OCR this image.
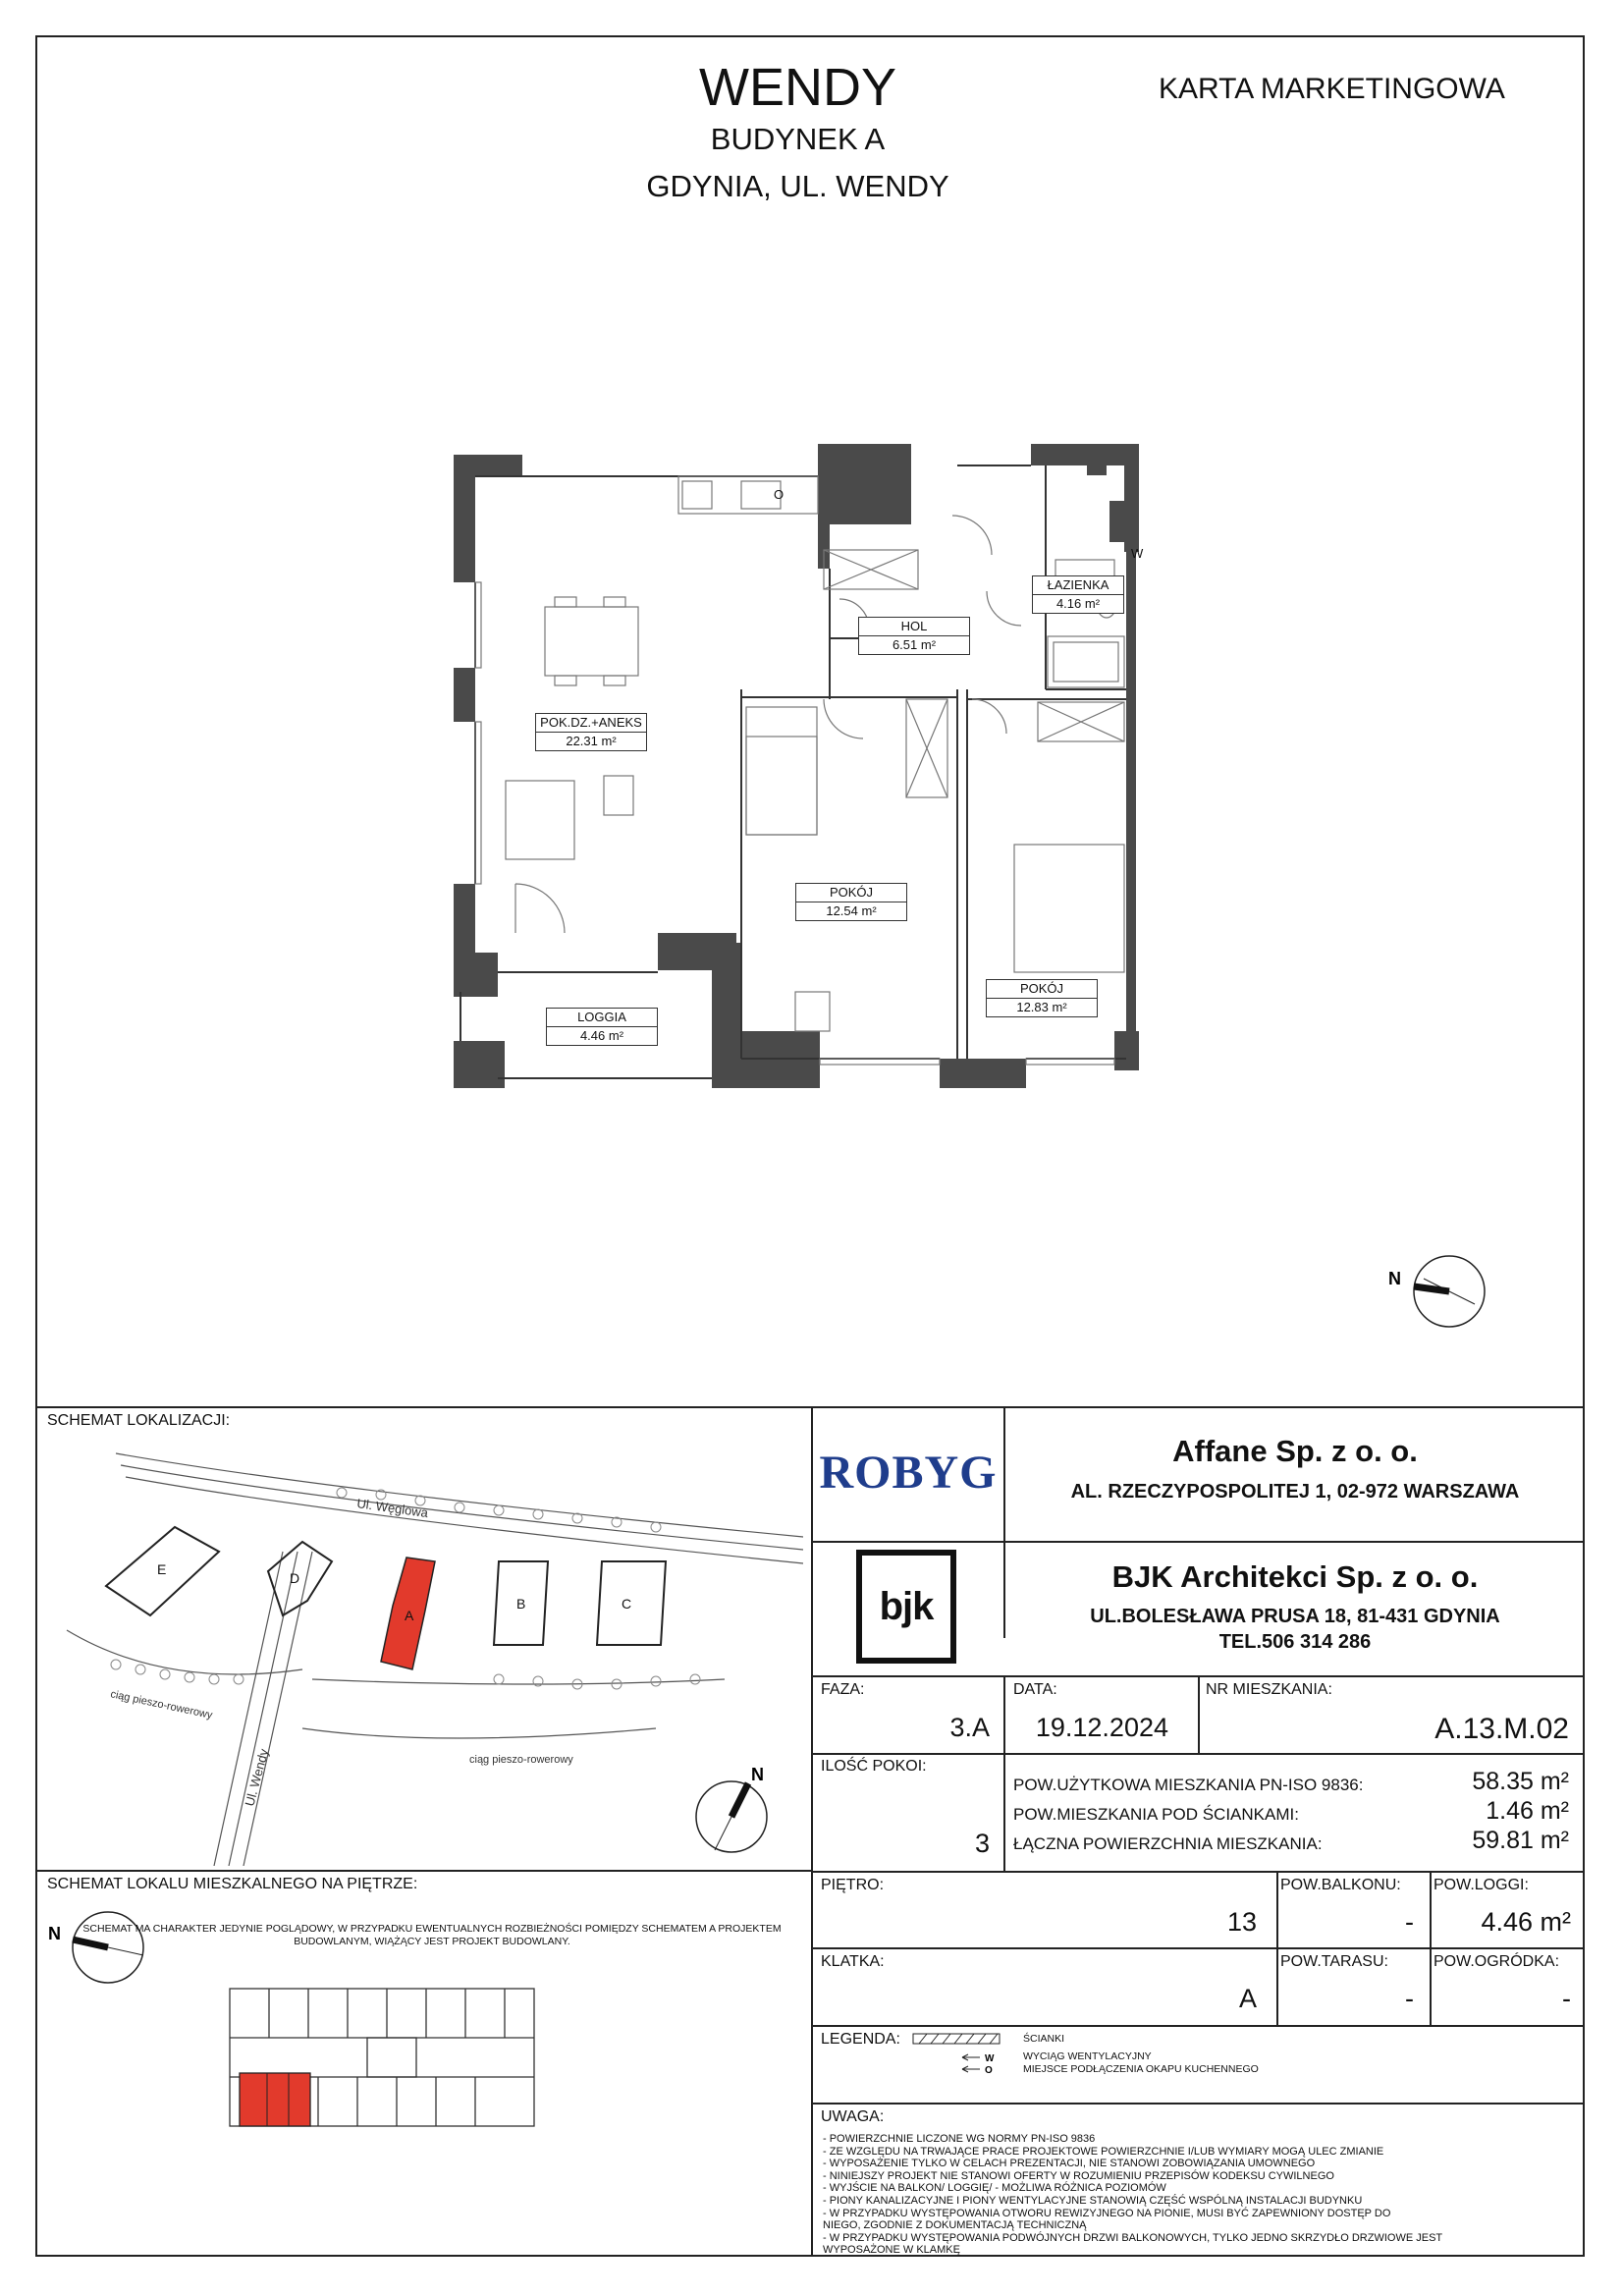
WENDY
BUDYNEK A
GDYNIA, UL. WENDY
KARTA MARKETINGOWA
O
W
POK.DZ.+ANEKS
22.31 m²
HOL
6.51 m²
ŁAZIENKA
4.16 m²
POKÓJ
12.54 m²
POKÓJ
12.83 m²
LOGGIA
4.46 m²
N
SCHEMAT LOKALIZACJI:
A
B	C
D
E
Ul. Węglowa
Ul. Wendy
ciąg pieszo-rowerowy
ciąg pieszo-rowerowy
N
SCHEMAT LOKALU MIESZKALNEGO NA PIĘTRZE:
N	SCHEMAT MA CHARAKTER JEDYNIE POGLĄDOWY, W PRZYPADKU EWENTUALNYCH ROZBIEŻNOŚCI POMIĘDZY SCHEMATEM A PROJEKTEM BUDOWLANYM, WIĄŻĄCY JEST PROJEKT BUDOWLANY.
ROBYG	Affane Sp. z o. o.
AL. RZECZYPOSPOLITEJ 1, 02-972 WARSZAWA
bjk
BJK Architekci Sp. z o. o.
UL.BOLESŁAWA PRUSA 18, 81-431 GDYNIA
TEL.506 314 286
FAZA:
3.A
DATA:
19.12.2024
NR MIESZKANIA:
A.13.M.02
ILOŚĆ POKOI:
3
POW.UŻYTKOWA MIESZKANIA PN-ISO 9836:	58.35 m²
POW.MIESZKANIA POD ŚCIANKAMI:	1.46 m²
ŁĄCZNA POWIERZCHNIA MIESZKANIA:	59.81 m²
PIĘTRO:
13
POW.BALKONU:
-
POW.LOGGI:
4.46 m²
KLATKA:
A
POW.TARASU:
-
POW.OGRÓDKA:
-
LEGENDA:
W
O
ŚCIANKI
WYCIĄG WENTYLACYJNY
MIEJSCE PODŁĄCZENIA OKAPU KUCHENNEGO
UWAGA:
- POWIERZCHNIE LICZONE WG NORMY PN-ISO 9836
- ZE WZGLĘDU NA TRWAJĄCE PRACE PROJEKTOWE POWIERZCHNIE I/LUB WYMIARY MOGĄ ULEC ZMIANIE
- WYPOSAŻENIE TYLKO W CELACH PREZENTACJI, NIE STANOWI ZOBOWIĄZANIA UMOWNEGO
- NINIEJSZY PROJEKT NIE STANOWI OFERTY W ROZUMIENIU PRZEPISÓW KODEKSU CYWILNEGO
- WYJŚCIE NA BALKON/ LOGGIĘ/ - MOŻLIWA RÓŻNICA POZIOMÓW
- PIONY KANALIZACYJNE I PIONY WENTYLACYJNE STANOWIĄ CZĘŚĆ WSPÓLNĄ INSTALACJI BUDYNKU
- W PRZYPADKU WYSTĘPOWANIA OTWORU REWIZYJNEGO NA PIONIE, MUSI BYĆ ZAPEWNIONY DOSTĘP DO NIEGO, ZGODNIE Z DOKUMENTACJĄ TECHNICZNĄ
- W PRZYPADKU WYSTĘPOWANIA PODWÓJNYCH DRZWI BALKONOWYCH, TYLKO JEDNO SKRZYDŁO DRZWIOWE JEST WYPOSAŻONE W KLAMKĘ
